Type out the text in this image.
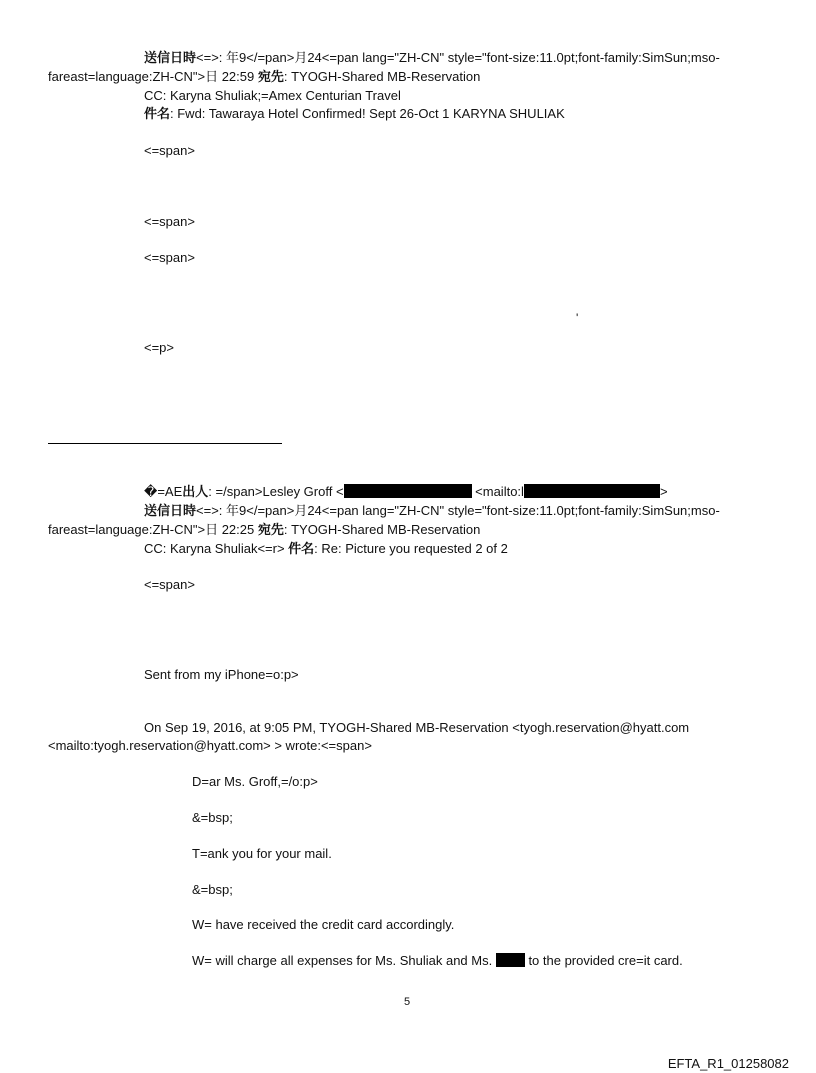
送信日時<=>: 年9</=pan>月24<=pan lang="ZH-CN" style="font-size:11.0pt;font-family:SimSun;mso-
fareast=language:ZH-CN">日 22:59 宛先: TYOGH-Shared MB-Reservation
CC: Karyna Shuliak;=Amex Centurian Travel
件名: Fwd: Tawaraya Hotel Confirmed! Sept 26-Oct 1 KARYNA SHULIAK
<=span>
<=span>
<=span>
'
<=p>
�=AE出人: =/span>Lesley Groff <	<mailto:l	>
送信日時<=>: 年9</=pan>月24<=pan lang="ZH-CN" style="font-size:11.0pt;font-family:SimSun;mso-
fareast=language:ZH-CN">日 22:25 宛先: TYOGH-Shared MB-Reservation
CC: Karyna Shuliak<=r> 件名: Re: Picture you requested 2 of 2
<=span>
Sent from my iPhone=o:p>
On Sep 19, 2016, at 9:05 PM, TYOGH-Shared MB-Reservation <tyogh.reservation@hyatt.com
<mailto:tyogh.reservation@hyatt.com> > wrote:<=span>
D=ar Ms. Groff,=/o:p>
&=bsp;
T=ank you for your mail.
&=bsp;
W= have received the credit card accordingly.
W= will charge all expenses for Ms. Shuliak and Ms.  to the provided cre=it card.
5
EFTA_R1_01258082
